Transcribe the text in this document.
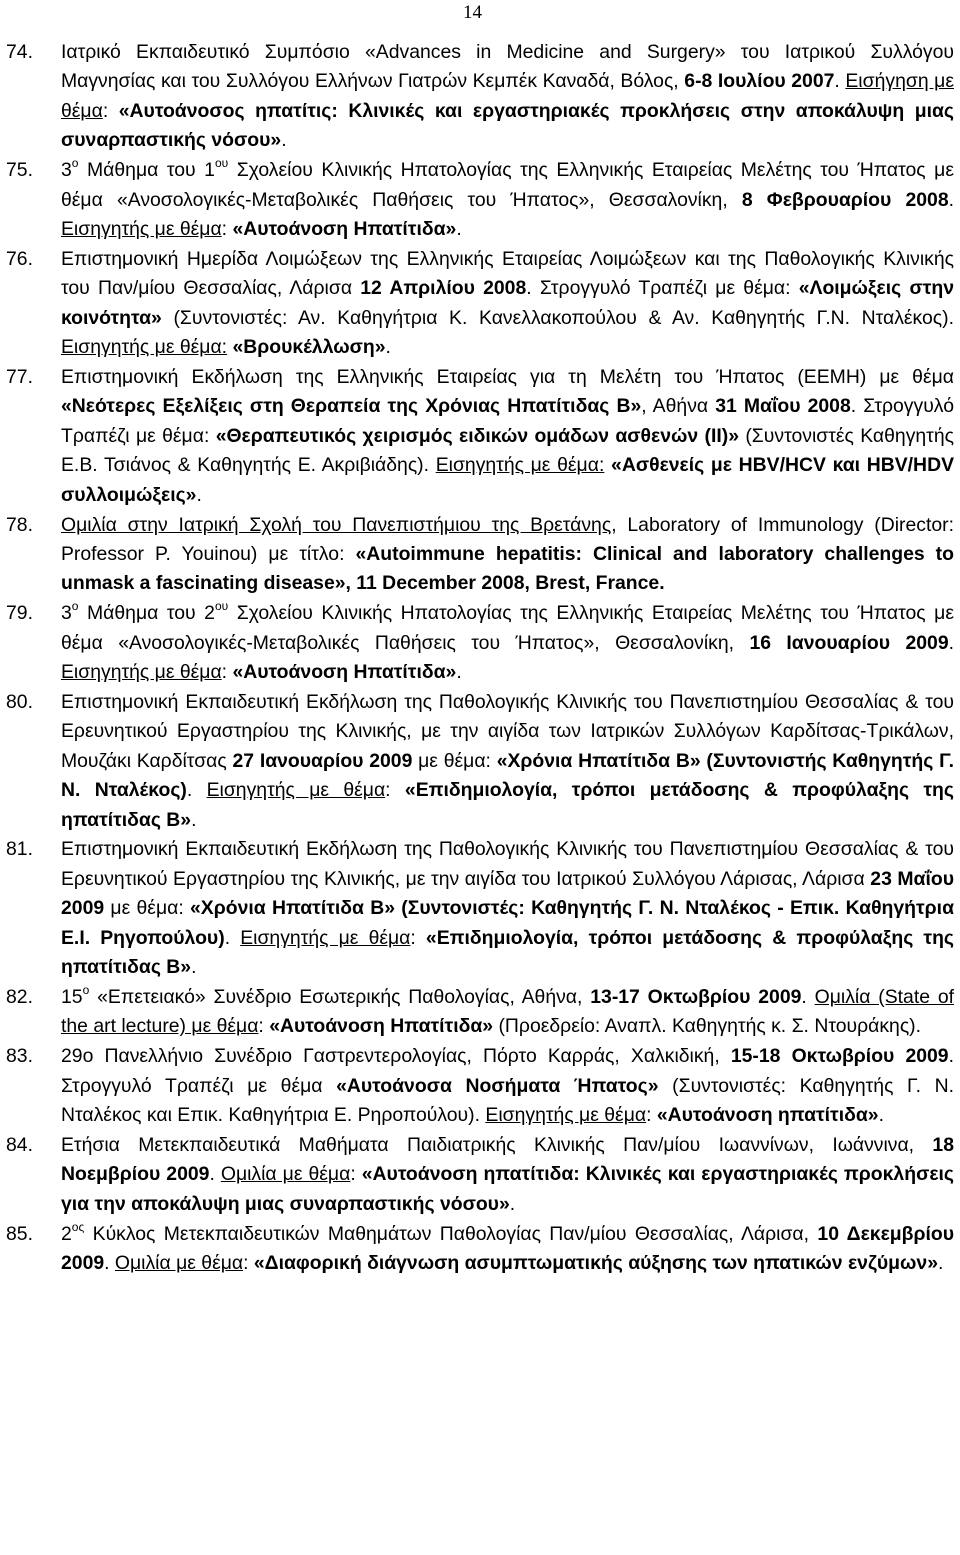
14
74. Ιατρικό Εκπαιδευτικό Συμπόσιο «Advances in Medicine and Surgery» του Ιατρικού Συλλόγου Μαγνησίας και του Συλλόγου Ελλήνων Γιατρών Κεμπέκ Καναδά, Βόλος, 6-8 Ιουλίου 2007. Εισήγηση με θέμα: «Αυτοάνοσος ηπατίτις: Κλινικές και εργαστηριακές προκλήσεις στην αποκάλυψη μιας συναρπαστικής νόσου».
75. $3^o$ Μάθημα του $1^{o\upsilon}$ Σχολείου Κλινικής Ηπατολογίας της Ελληνικής Εταιρείας Μελέτης του Ήπατος με θέμα «Ανοσολογικές-Μεταβολικές Παθήσεις του Ήπατος», Θεσσαλονίκη, 8 Φεβρουαρίου 2008. Εισηγητής με θέμα: «Αυτοάνοση Ηπατίτιδα».
76. Επιστημονική Ημερίδα Λοιμώξεων της Ελληνικής Εταιρείας Λοιμώξεων και της Παθολογικής Κλινικής του Παν/μίου Θεσσαλίας, Λάρισα 12 Απριλίου 2008. Στρογγυλό Τραπέζι με θέμα: «Λοιμώξεις στην κοινότητα» (Συντονιστές: Αν. Καθηγήτρια Κ. Κανελλακοπούλου & Αν. Καθηγητής Γ.Ν. Νταλέκος). Εισηγητής με θέμα: «Βρουκέλλωση».
77. Επιστημονική Εκδήλωση της Ελληνικής Εταιρείας για τη Μελέτη του Ήπατος (ΕΕΜΗ) με θέμα «Νεότερες Εξελίξεις στη Θεραπεία της Χρόνιας Ηπατίτιδας Β», Αθήνα 31 Μαΐου 2008. Στρογγυλό Τραπέζι με θέμα: «Θεραπευτικός χειρισμός ειδικών ομάδων ασθενών (ΙΙ)» (Συντονιστές Καθηγητής Ε.Β. Τσιάνος & Καθηγητής Ε. Ακριβιάδης). Εισηγητής με θέμα: «Ασθενείς με HBV/HCV και HBV/HDV συλλοιμώξεις».
78. Ομιλία στην Ιατρική Σχολή του Πανεπιστήμιου της Βρετάνης, Laboratory of Immunology (Director: Professor P. Youinou) με τίτλο: «Autoimmune hepatitis: Clinical and laboratory challenges to unmask a fascinating disease», 11 December 2008, Brest, France.
79. $3^o$ Μάθημα του $2^{o\upsilon}$ Σχολείου Κλινικής Ηπατολογίας της Ελληνικής Εταιρείας Μελέτης του Ήπατος με θέμα «Ανοσολογικές-Μεταβολικές Παθήσεις του Ήπατος», Θεσσαλονίκη, 16 Ιανουαρίου 2009. Εισηγητής με θέμα: «Αυτοάνοση Ηπατίτιδα».
80. Επιστημονική Εκπαιδευτική Εκδήλωση της Παθολογικής Κλινικής του Πανεπιστημίου Θεσσαλίας & του Ερευνητικού Εργαστηρίου της Κλινικής, με την αιγίδα των Ιατρικών Συλλόγων Καρδίτσας-Τρικάλων, Μουζάκι Καρδίτσας 27 Ιανουαρίου 2009 με θέμα: «Χρόνια Ηπατίτιδα Β» (Συντονιστής Καθηγητής Γ. Ν. Νταλέκος). Εισηγητής με θέμα: «Επιδημιολογία, τρόποι μετάδοσης & προφύλαξης της ηπατίτιδας Β».
81. Επιστημονική Εκπαιδευτική Εκδήλωση της Παθολογικής Κλινικής του Πανεπιστημίου Θεσσαλίας & του Ερευνητικού Εργαστηρίου της Κλινικής, με την αιγίδα του Ιατρικού Συλλόγου Λάρισας, Λάρισα 23 Μαΐου 2009 με θέμα: «Χρόνια Ηπατίτιδα Β» (Συντονιστές: Καθηγητής Γ. Ν. Νταλέκος - Επικ. Καθηγήτρια Ε.Ι. Ρηγοπούλου). Εισηγητής με θέμα: «Επιδημιολογία, τρόποι μετάδοσης & προφύλαξης της ηπατίτιδας Β».
82. $15^o$ «Επετειακό» Συνέδριο Εσωτερικής Παθολογίας, Αθήνα, 13-17 Οκτωβρίου 2009. Ομιλία (State of the art lecture) με θέμα: «Αυτοάνοση Ηπατίτιδα» (Προεδρείο: Αναπλ. Καθηγητής κ. Σ. Ντουράκης).
83. 29ο Πανελλήνιο Συνέδριο Γαστρεντερολογίας, Πόρτο Καρράς, Χαλκιδική, 15-18 Οκτωβρίου 2009. Στρογγυλό Τραπέζι με θέμα «Αυτοάνοσα Νοσήματα Ήπατος» (Συντονιστές: Καθηγητής Γ. Ν. Νταλέκος και Επικ. Καθηγήτρια Ε. Ρηροπούλου). Εισηγητής με θέμα: «Αυτοάνοση ηπατίτιδα».
84. Ετήσια Μετεκπαιδευτικά Μαθήματα Παιδιατρικής Κλινικής Παν/μίου Ιωαννίνων, Ιωάννινα, 18 Νοεμβρίου 2009. Ομιλία με θέμα: «Αυτοάνοση ηπατίτιδα: Κλινικές και εργαστηριακές προκλήσεις για την αποκάλυψη μιας συναρπαστικής νόσου».
85. $2^{o\varsigma}$ Κύκλος Μετεκπαιδευτικών Μαθημάτων Παθολογίας Παν/μίου Θεσσαλίας, Λάρισα, 10 Δεκεμβρίου 2009. Ομιλία με θέμα: «Διαφορική διάγνωση ασυμπτωματικής αύξησης των ηπατικών ενζύμων».
